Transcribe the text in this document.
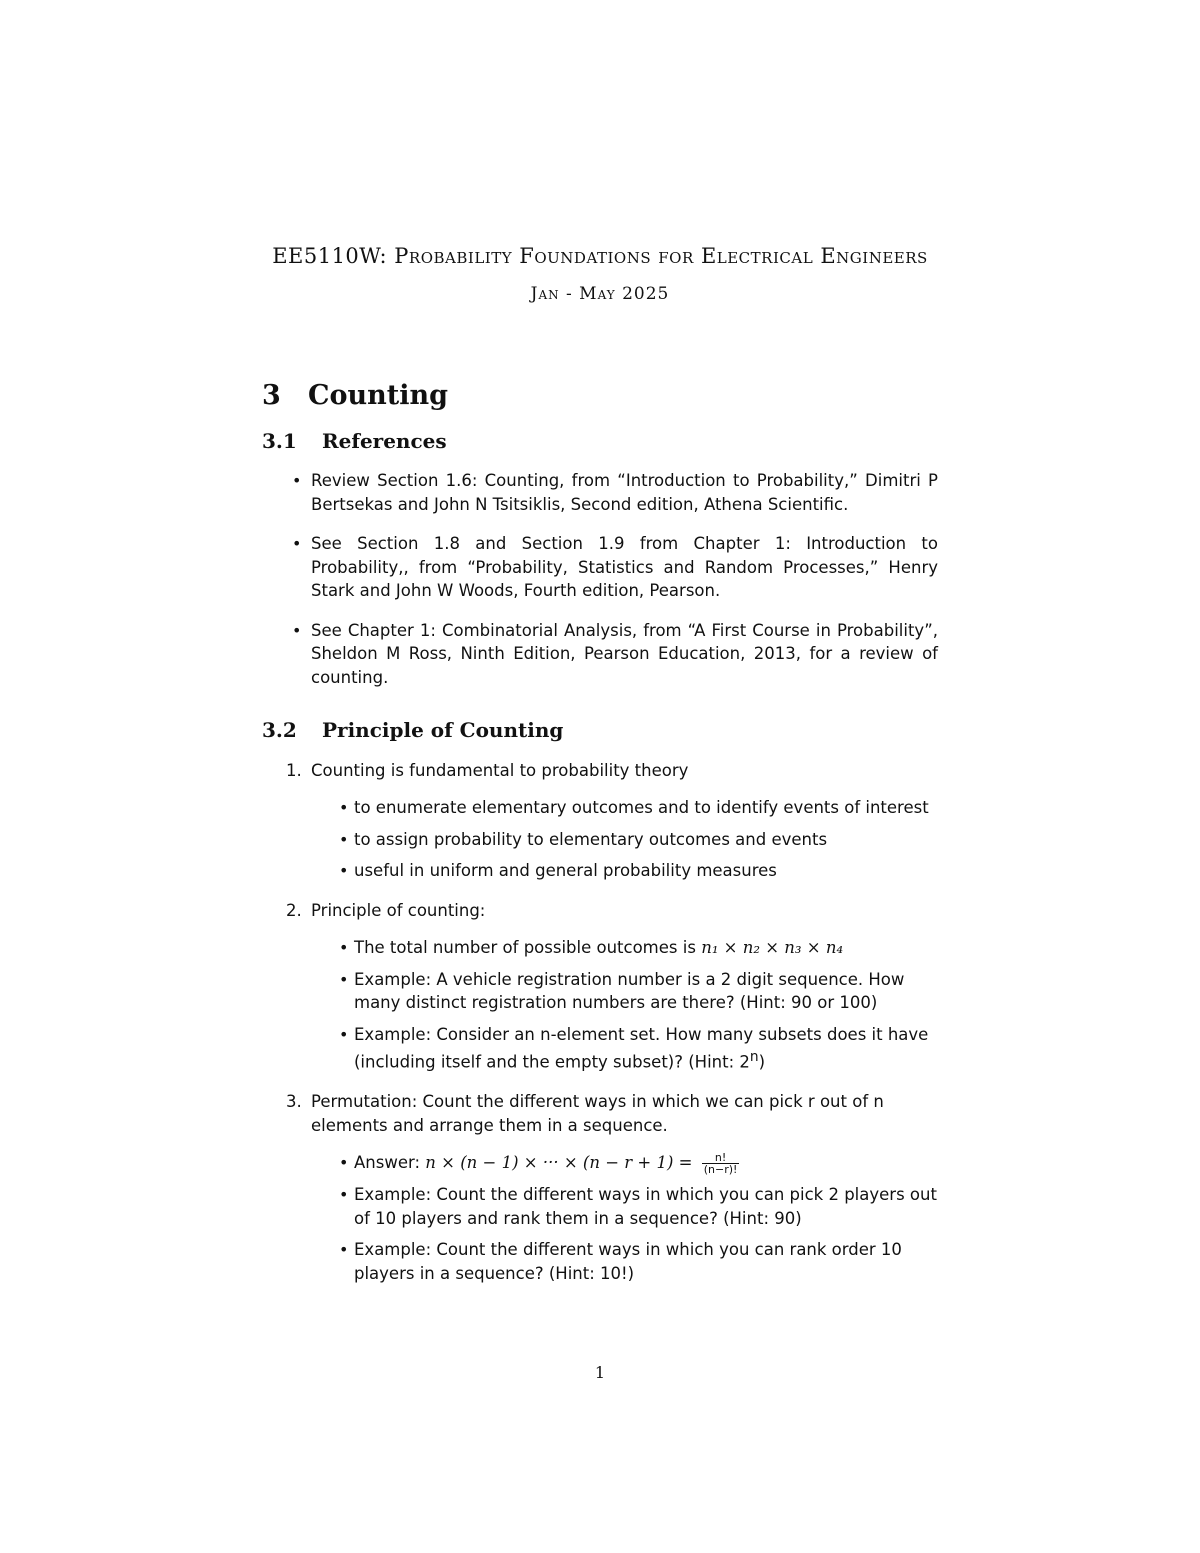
EE5110W: Probability Foundations for Electrical Engineers
Jan - May 2025
3 Counting
3.1 References
• Review Section 1.6: Counting, from “Introduction to Probability,” Dimitri P Bertsekas and John N Tsitsiklis, Second edition, Athena Scientific.
• See Section 1.8 and Section 1.9 from Chapter 1: Introduction to Probability,, from “Probability, Statistics and Random Processes,” Henry Stark and John W Woods, Fourth edition, Pearson.
• See Chapter 1: Combinatorial Analysis, from “A First Course in Probability”, Sheldon M Ross, Ninth Edition, Pearson Education, 2013, for a review of counting.
3.2 Principle of Counting
1. Counting is fundamental to probability theory
• to enumerate elementary outcomes and to identify events of interest
• to assign probability to elementary outcomes and events
• useful in uniform and general probability measures
2. Principle of counting:
• The total number of possible outcomes is n₁ × n₂ × n₃ × n₄
• Example: A vehicle registration number is a 2 digit sequence. How many distinct registration numbers are there? (Hint: 90 or 100)
• Example: Consider an n-element set. How many subsets does it have (including itself and the empty subset)? (Hint: 2$^n$)
3. Permutation: Count the different ways in which we can pick r out of n elements and arrange them in a sequence.
• Answer: n × (n − 1) × ··· × $(n - r + 1) = \frac{n!}{(n-r)!}$
• Example: Count the different ways in which you can pick 2 players out of 10 players and rank them in a sequence? (Hint: 90)
• Example: Count the different ways in which you can rank order 10 players in a sequence? (Hint: 10!)
1
